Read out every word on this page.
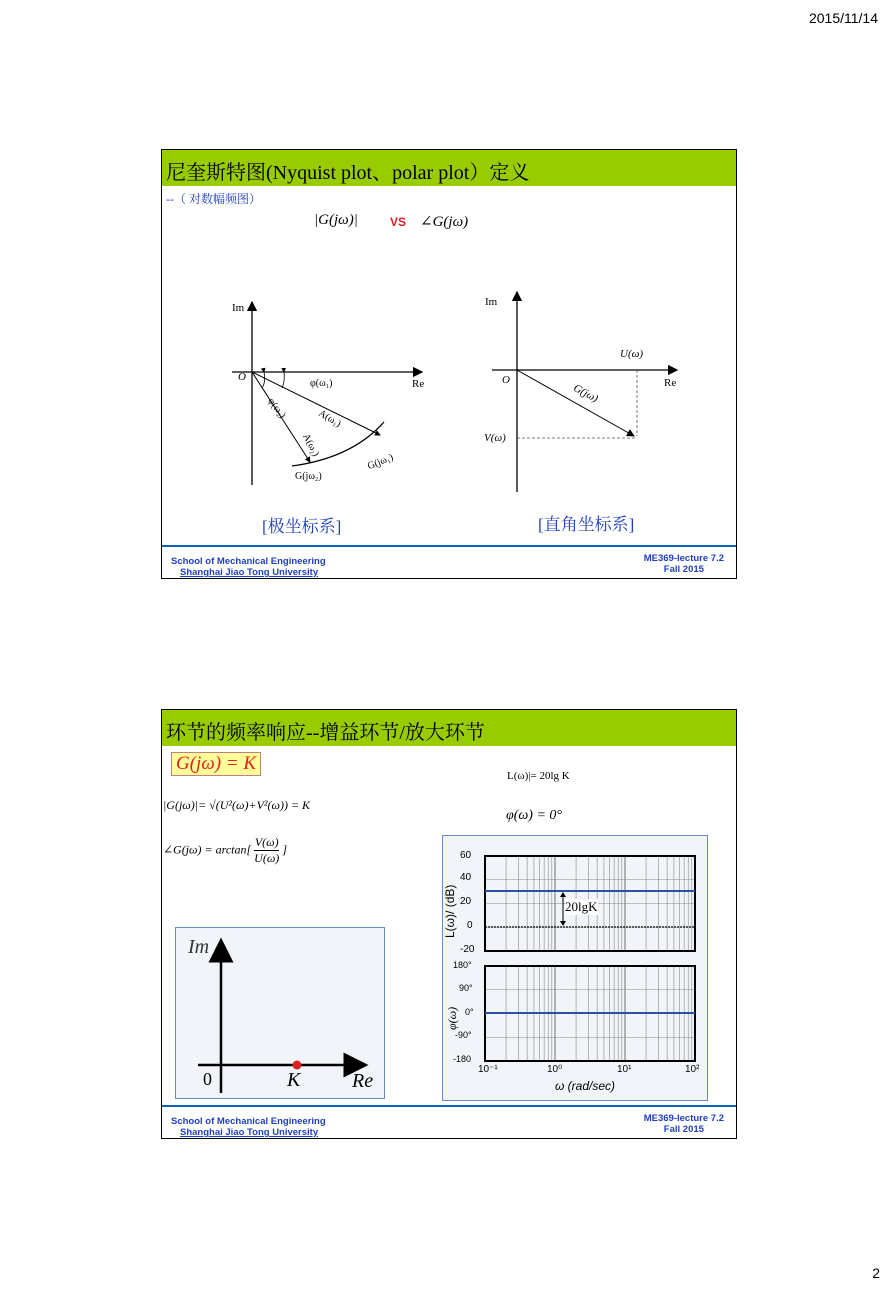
2015/11/14
尼奎斯特图(Nyquist plot、polar plot）定义
--（ 对数幅频图）
|G(jω)|	VS ∠G(jω)
Im
O
Re
φ(ω₁)
φ(ω₂)	A(ω₁)
A(ω₂)
G(jω₁)
G(jω₂)
[极坐标系]
Im
O	Re
U(ω)
V(ω)
G(jω)
[直角坐标系]
School of Mechanical Engineering
Shanghai Jiao Tong University
ME369-lecture 7.2
Fall 2015
环节的频率响应--增益环节/放大环节
G(jω) = K
L(ω)|= 20lg K
|G(jω)|= √(U²(ω)+V²(ω)) = K
φ(ω) = 0°
∠G(jω) = $\arctan[ \frac{V(\omega)}{U(\omega)}$ ]
Im
0	K	Re
20lgK
60
40
20
0
-20
180°
90°
0°
-90°
-180
10⁻¹	10⁰	10¹	10²
ω (rad/sec)
L(ω)/ (dB)
φ(ω)
School of Mechanical Engineering
Shanghai Jiao Tong University
ME369-lecture 7.2
Fall 2015
2
